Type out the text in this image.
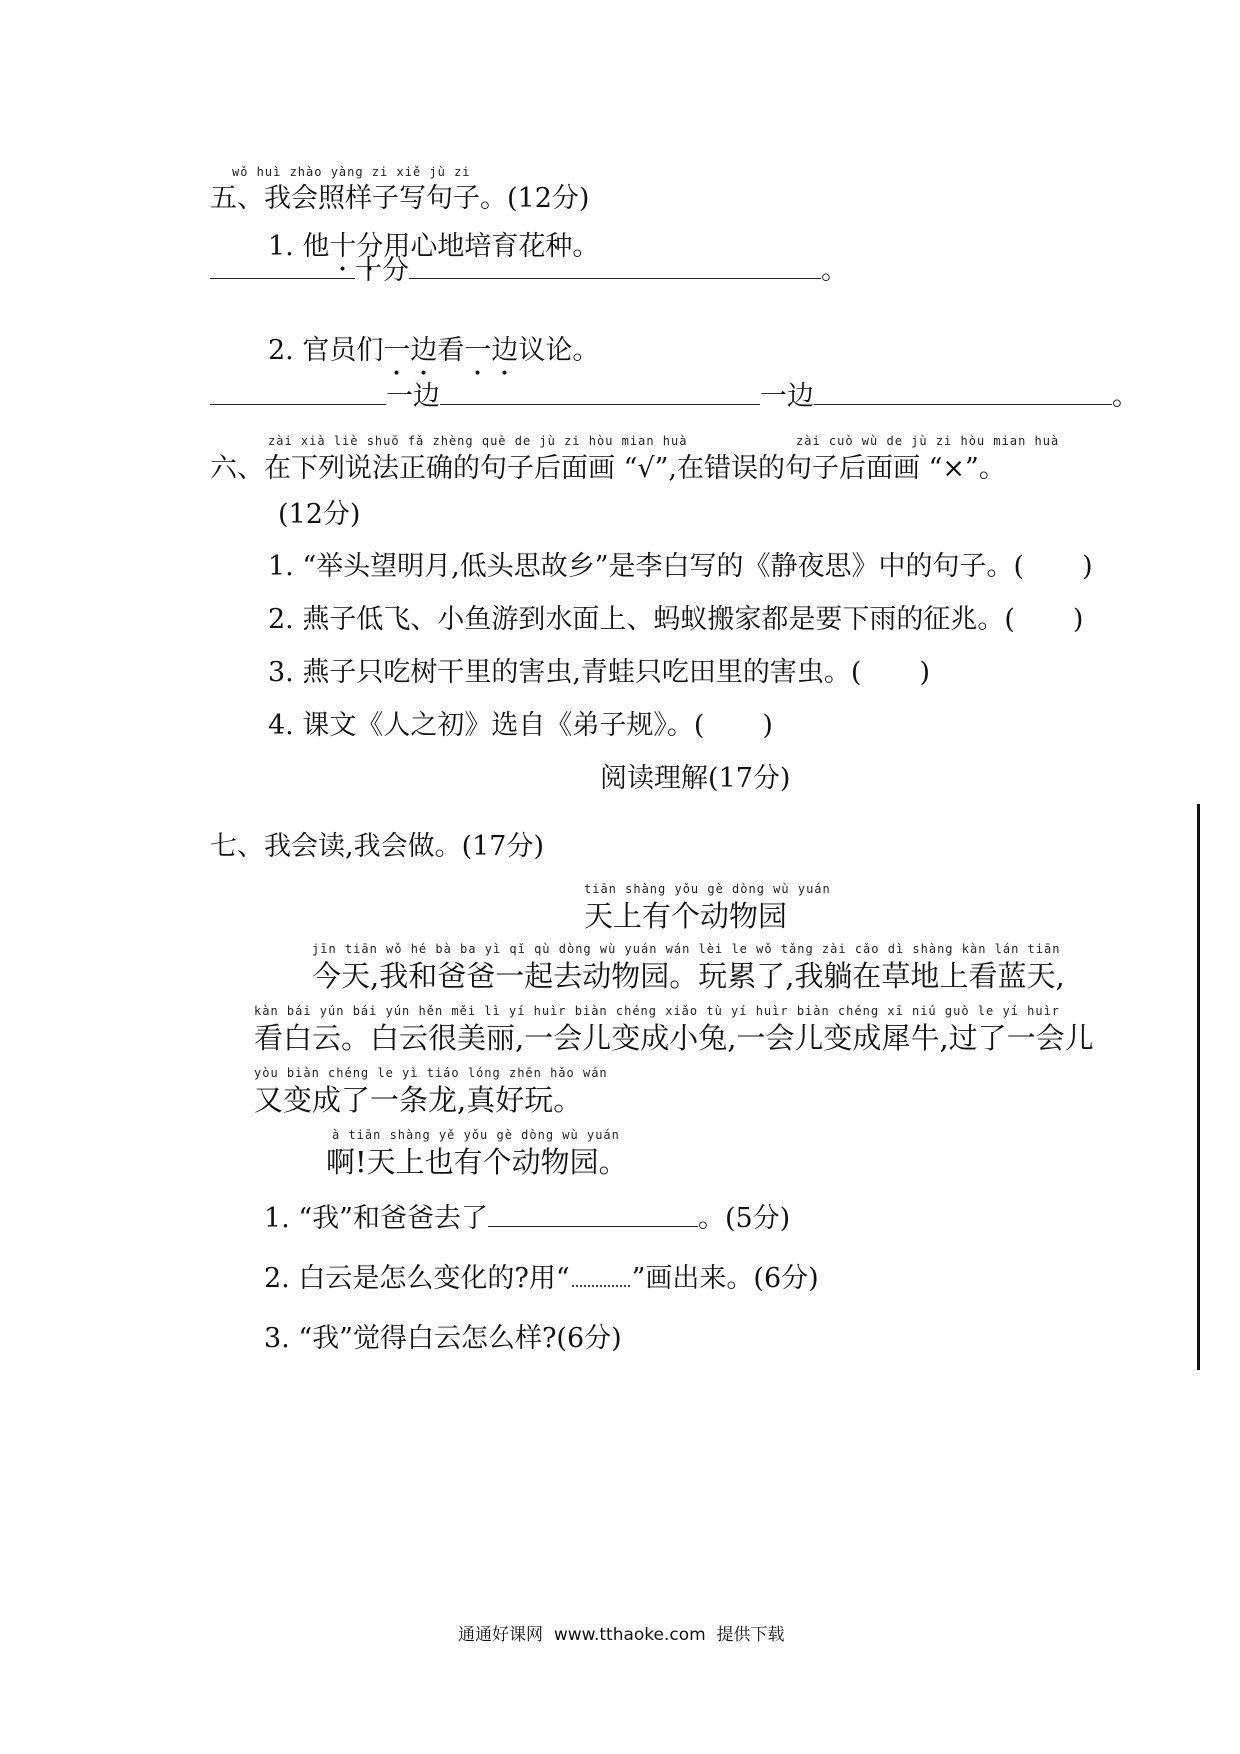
wǒ huì zhào yàng zi xiě jù zi
五、我会照样子写句子。(12分)
1. 他十分用心地培育花种。
十分	。
2. 官员们一边看一边议论。
一边	一边	。
zài xià liè shuō fǎ zhèng què de jù zi hòu mian huà	zài cuò wù de jù zi hòu mian huà
六、在下列说法正确的句子后面画 “√”,在错误的句子后面画 “×”。
(12分)
1. “举头望明月,低头思故乡”是李白写的《静夜思》中的句子。( )
2. 燕子低飞、小鱼游到水面上、蚂蚁搬家都是要下雨的征兆。( )
3. 燕子只吃树干里的害虫,青蛙只吃田里的害虫。( )
4. 课文《人之初》选自《弟子规》。( )
阅读理解(17分)
七、我会读,我会做。(17分)
tiān shàng yǒu gè dòng wù yuán
天上有个动物园
jīn tiān wǒ hé bà ba yì qǐ qù dòng wù yuán wán lèi le wǒ tǎng zài cǎo dì shàng kàn lán tiān
今天,我和爸爸一起去动物园。玩累了,我躺在草地上看蓝天,
kàn bái yún bái yún hěn měi lì yí huìr biàn chéng xiǎo tù yí huìr biàn chéng xī niú guò le yí huìr
看白云。白云很美丽,一会儿变成小兔,一会儿变成犀牛,过了一会儿
yòu biàn chéng le yì tiáo lóng zhēn hǎo wán
又变成了一条龙,真好玩。
à tiān shàng yě yǒu gè dòng wù yuán
啊!天上也有个动物园。
1. “我”和爸爸去了	。(5分)
2. 白云是怎么变化的?用“ ”画出来。(6分)
3. “我”觉得白云怎么样?(6分)
通通好课网 www.tthaoke.com 提供下载
